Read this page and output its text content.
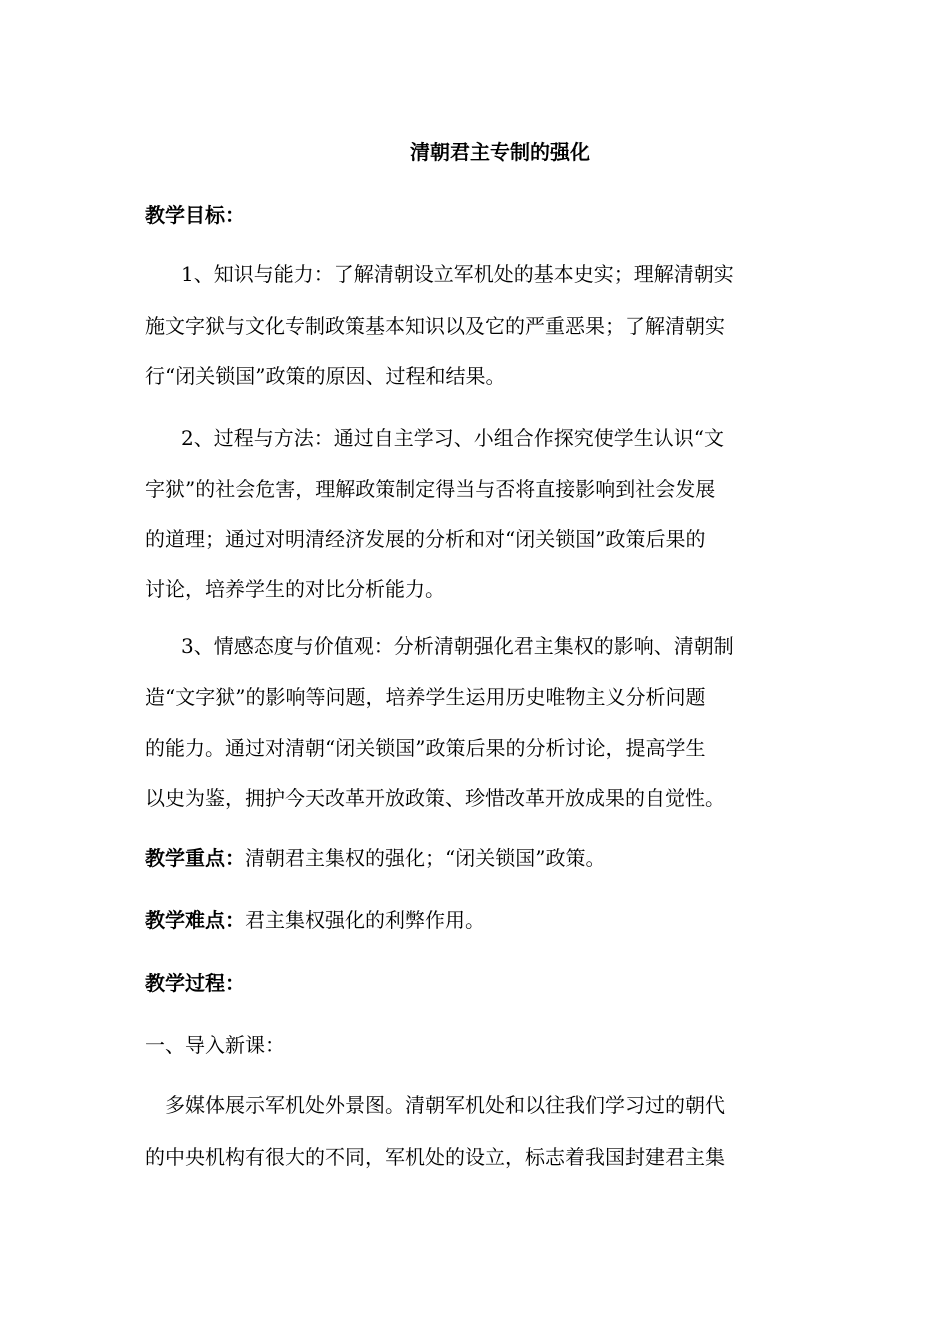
清朝君主专制的强化
教学目标：
1、知识与能力：了解清朝设立军机处的基本史实；理解清朝实
施文字狱与文化专制政策基本知识以及它的严重恶果；了解清朝实
行“闭关锁国”政策的原因、过程和结果。
2、过程与方法：通过自主学习、小组合作探究使学生认识“文
字狱”的社会危害，理解政策制定得当与否将直接影响到社会发展
的道理；通过对明清经济发展的分析和对“闭关锁国”政策后果的
讨论，培养学生的对比分析能力。
3、情感态度与价值观：分析清朝强化君主集权的影响、清朝制
造“文字狱”的影响等问题，培养学生运用历史唯物主义分析问题
的能力。通过对清朝“闭关锁国”政策后果的分析讨论，提高学生
以史为鉴，拥护今天改革开放政策、珍惜改革开放成果的自觉性。
教学重点：清朝君主集权的强化；“闭关锁国”政策。
教学难点：君主集权强化的利弊作用。
教学过程：
一、导入新课：
多媒体展示军机处外景图。清朝军机处和以往我们学习过的朝代
的中央机构有很大的不同，军机处的设立，标志着我国封建君主集
